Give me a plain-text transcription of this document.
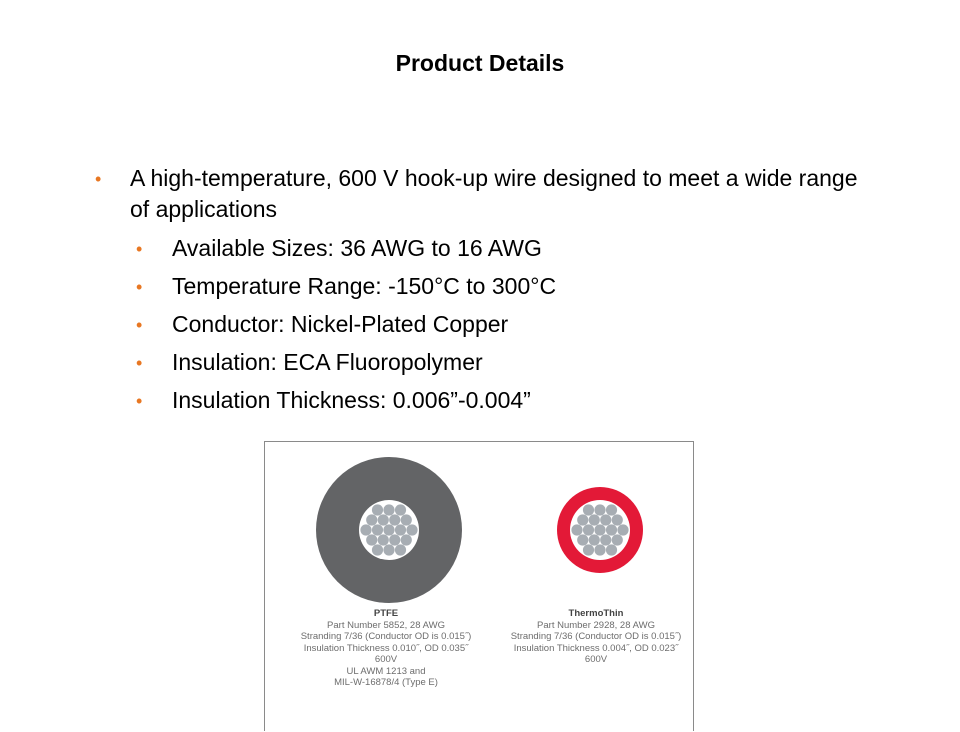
Product Details
• A high-temperature, 600 V hook-up wire designed to meet a wide range of applications
• Available Sizes: 36 AWG to 16 AWG
• Temperature Range: -150°C to 300°C
• Conductor: Nickel-Plated Copper
• Insulation: ECA Fluoropolymer
• Insulation Thickness: 0.006”-0.004”
PTFE
Part Number 5852, 28 AWG
Stranding 7/36 (Conductor OD is 0.015˝)
Insulation Thickness 0.010˝, OD 0.035˝
600V
UL AWM 1213 and
MIL-W-16878/4 (Type E)
ThermoThin
Part Number 2928, 28 AWG
Stranding 7/36 (Conductor OD is 0.015˝)
Insulation Thickness 0.004˝, OD 0.023˝
600V
